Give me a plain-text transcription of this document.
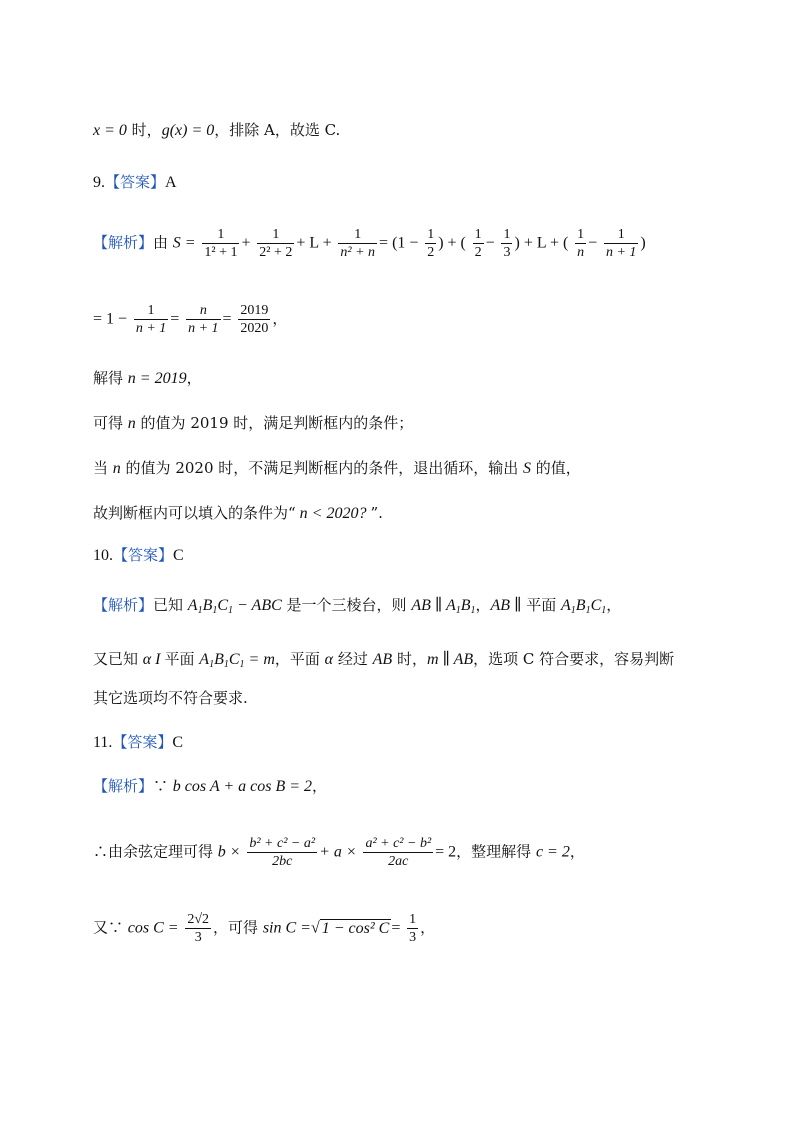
x = 0 时，g(x) = 0，排除 A，故选 C.
9.【答案】A
【解析】由 $S = \frac{1}{\text{1² + 1}} + \frac{1}{\text{2² + 2}} + L + \frac{1}{\text{n² + n}} = (1 - \frac{1}{2}$ ) + ( $\frac{1}{2} - \frac{1}{3}$ ) + L + ( $\frac{1}{n} - \frac{1}{n + 1}$ )
= $1 - \frac{1}{n + 1} = \frac{n}{n + 1} = \frac{2019}{2020}$ ，
解得 n = 2019，
可得 n 的值为 2019 时，满足判断框内的条件；
当 n 的值为 2020 时，不满足判断框内的条件，退出循环，输出 S 的值，
故判断框内可以填入的条件为“ n < 2020? ”.
10.【答案】C
【解析】已知 $A_1B_1C_1$ − ABC 是一个三棱台，则 AB ∥ $A_1B_1$，AB ∥ 平面 $A_1B_1C_1$，
又已知 α I 平面 $A_1B_1C_1 = m$，平面 α 经过 AB 时，m ∥ AB，选项 C 符合要求，容易判断
其它选项均不符合要求.
11.【答案】C
【解析】∵ b cos A + a cos B = 2，
∴由余弦定理可得 $b \times \frac{\text{b² + c² − a²}}{2bc} + a \times \frac{\text{a² + c² − b²}}{2ac} = 2$，整理解得 c = 2，
又∵ $\cos C = \frac{2√2}{3}$ ，可得 sin C =√ 1 − cos² $C = \frac{1}{3}$ ，
